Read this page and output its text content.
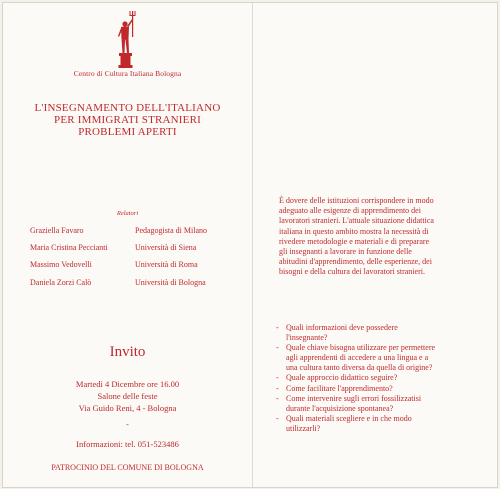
Centro di Cultura Italiana Bologna
L'INSEGNAMENTO DELL'ITALIANO
PER IMMIGRATI STRANIERI
PROBLEMI APERTI
Relatori
Graziella Favaro	Pedagogista di Milano
Maria Cristina Peccianti	Università di Siena
Massimo Vedovelli	Università di Roma
Daniela Zorzi Calò	Università di Bologna
Invito
Martedì 4 Dicembre ore 16.00
Salone delle feste
Via Guido Reni, 4 - Bologna
-
Informazioni: tel. 051-523486
PATROCINIO DEL COMUNE DI BOLOGNA
È dovere delle istituzioni corrispondere in modo adeguato alle esigenze di apprendimento dei lavoratori stranieri. L'attuale situazione didattica italiana in questo ambito mostra la necessità di rivedere metodologie e materiali e di preparare gli insegnanti a lavorare in funzione delle abitudini d'apprendimento, delle esperienze, dei bisogni e della cultura dei lavoratori stranieri.
- Quali informazioni deve possedere l'insegnante?
- Quale chiave bisogna utilizzare per permettere agli apprendenti di accedere a una lingua e a una cultura tanto diversa da quella di origine?
- Quale approccio didattico seguire?
- Come facilitare l'apprendimento?
- Come intervenire sugli errori fossilizzatisi durante l'acquisizione spontanea?
- Quali materiali scegliere e in che modo utilizzarli?
